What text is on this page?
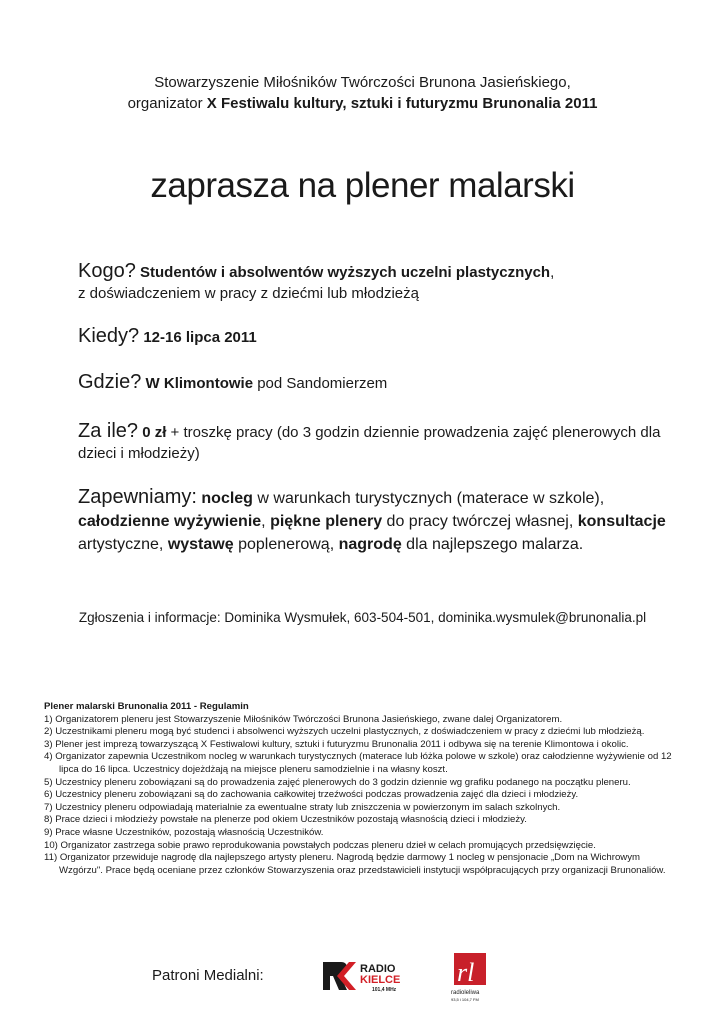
Stowarzyszenie Miłośników Twórczości Brunona Jasieńskiego,
organizator X Festiwalu kultury, sztuki i futuryzmu Brunonalia 2011
zaprasza na plener malarski
Kogo? Studentów i absolwentów wyższych uczelni plastycznych,
z doświadczeniem w pracy z dziećmi lub młodzieżą
Kiedy? 12-16 lipca 2011
Gdzie? W Klimontowie pod Sandomierzem
Za ile? 0 zł + troszkę pracy (do 3 godzin dziennie prowadzenia zajęć plenerowych dla dzieci i młodzieży)
Zapewniamy: nocleg w warunkach turystycznych (materace w szkole),
całodzienne wyżywienie, piękne plenery do pracy twórczej własnej, konsultacje
artystyczne, wystawę poplenerową, nagrodę dla najlepszego malarza.
Zgłoszenia i informacje: Dominika Wysmułek, 603-504-501, dominika.wysmulek@brunonalia.pl
Plener malarski Brunonalia 2011 - Regulamin
1) Organizatorem pleneru jest Stowarzyszenie Miłośników Twórczości Brunona Jasieńskiego, zwane dalej Organizatorem.
2) Uczestnikami pleneru mogą być studenci i absolwenci wyższych uczelni plastycznych, z doświadczeniem w pracy z dziećmi lub młodzieżą.
3) Plener jest imprezą towarzyszącą X Festiwalowi kultury, sztuki i futuryzmu Brunonalia 2011 i odbywa się na terenie Klimontowa i okolic.
4) Organizator zapewnia Uczestnikom nocleg w warunkach turystycznych (materace lub łóżka polowe w szkole) oraz całodzienne wyżywienie od 12 lipca do 16 lipca. Uczestnicy dojeżdżają na miejsce pleneru samodzielnie i na własny koszt.
5) Uczestnicy pleneru zobowiązani są do prowadzenia zajęć plenerowych do 3 godzin dziennie wg grafiku podanego na początku pleneru.
6) Uczestnicy pleneru zobowiązani są do zachowania całkowitej trzeźwości podczas prowadzenia zajęć dla dzieci i młodzieży.
7) Uczestnicy pleneru odpowiadają materialnie za ewentualne straty lub zniszczenia w powierzonym im salach szkolnych.
8) Prace dzieci i młodzieży powstałe na plenerze pod okiem Uczestników pozostają własnością dzieci i młodzieży.
9) Prace własne Uczestników, pozostają własnością Uczestników.
10) Organizator zastrzega sobie prawo reprodukowania powstałych podczas pleneru dzieł w celach promujących przedsięwzięcie.
11) Organizator przewiduje nagrodę dla najlepszego artysty pleneru. Nagrodą będzie darmowy 1 nocleg w pensjonacie „Dom na Wichrowym Wzgórzu". Prace będą oceniane przez członków Stowarzyszenia oraz przedstawicieli instytucji współpracujących przy organizacji Brunonaliów.
Patroni Medialni:	RADIO
KIELCE
101,4 MHz
rl
radioleliwa
93,5 i 104,7 FM
